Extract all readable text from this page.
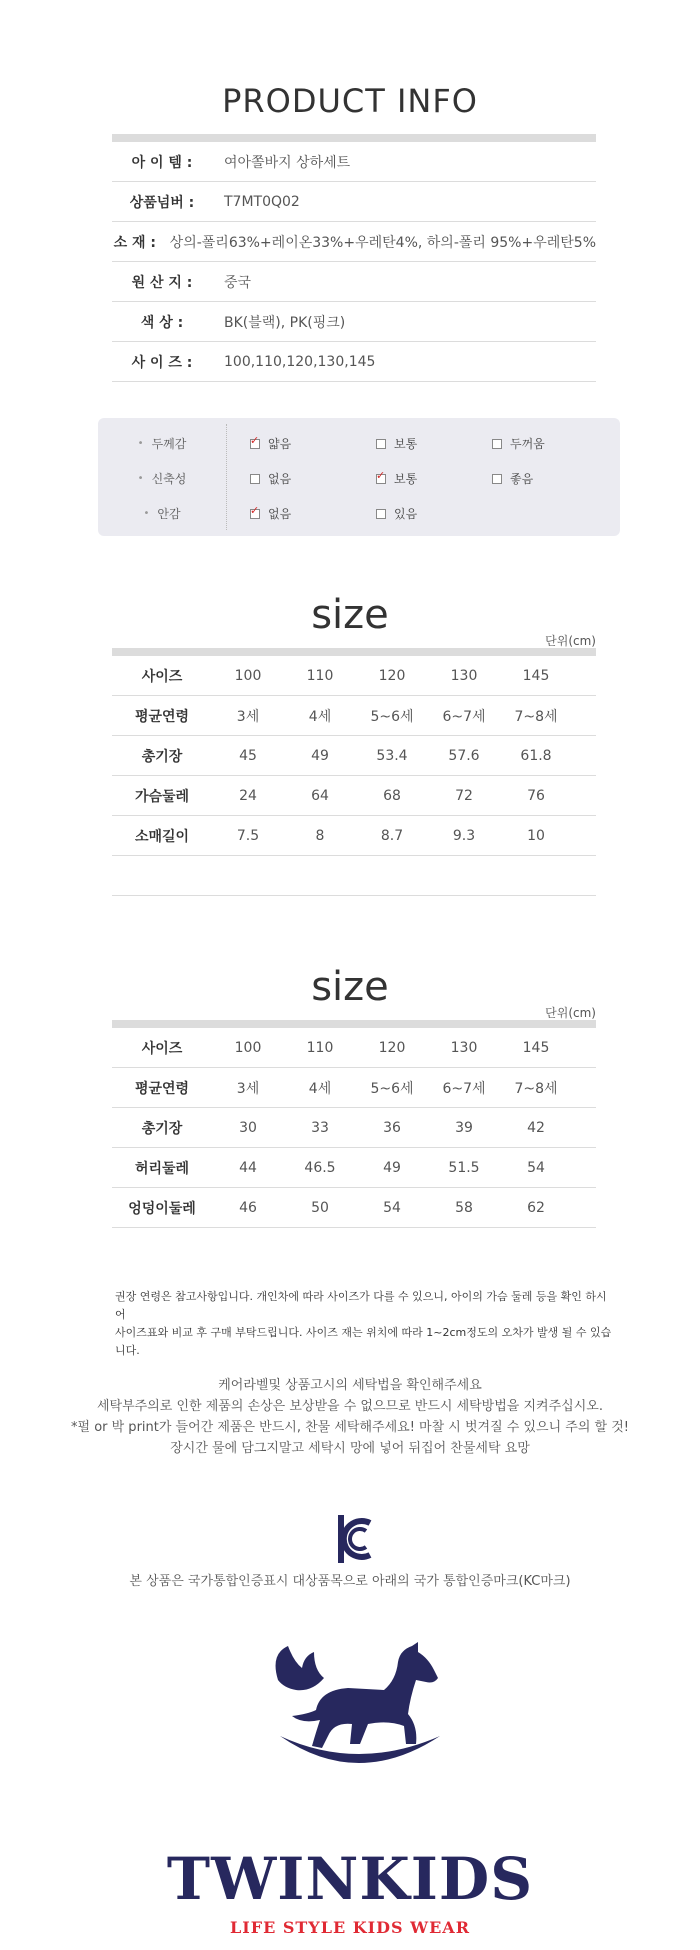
PRODUCT INFO
아 이 템 :	여아쫄바지 상하세트
상품넘버 :	T7MT0Q02
소 재 : 상의-폴리63%+레이온33%+우레탄4%, 하의-폴리 95%+우레탄5%
원 산 지 :	중국
색 상 :	BK(블랙), PK(핑크)
사 이 즈 :	100,110,120,130,145
• 두께감 ✓	얇음	보통	두꺼움
• 신축성	없음 ✓	보통	좋음
• 안감 ✓	없음	있음
size
단위(cm)
사이즈	100	110	120	130	145
평균연령	3세	4세	5~6세	6~7세	7~8세
총기장	45	49	53.4	57.6	61.8
가슴둘레	24	64	68	72	76
소매길이	7.5	8	8.7	9.3	10
size
단위(cm)
사이즈	100	110	120	130	145
평균연령	3세	4세	5~6세	6~7세	7~8세
총기장	30	33	36	39	42
허리둘레	44	46.5	49	51.5	54
엉덩이둘레	46	50	54	58	62
권장 연령은 참고사항입니다. 개인차에 따라 사이즈가 다를 수 있으니, 아이의 가슴 둘레 등을 확인 하시어
사이즈표와 비교 후 구매 부탁드립니다. 사이즈 재는 위치에 따라 1~2cm정도의 오차가 발생 될 수 있습니다.
케어라벨및 상품고시의 세탁법을 확인해주세요
세탁부주의로 인한 제품의 손상은 보상받을 수 없으므로 반드시 세탁방법을 지켜주십시오.
*펄 or 박 print가 들어간 제품은 반드시, 찬물 세탁해주세요! 마찰 시 벗겨질 수 있으니 주의 할 것!
장시간 물에 담그지말고 세탁시 망에 넣어 뒤집어 찬물세탁 요망
본 상품은 국가통합인증표시 대상품목으로 아래의 국가 통합인증마크(KC마크)
TWINKIDS
LIFE STYLE KIDS WEAR
